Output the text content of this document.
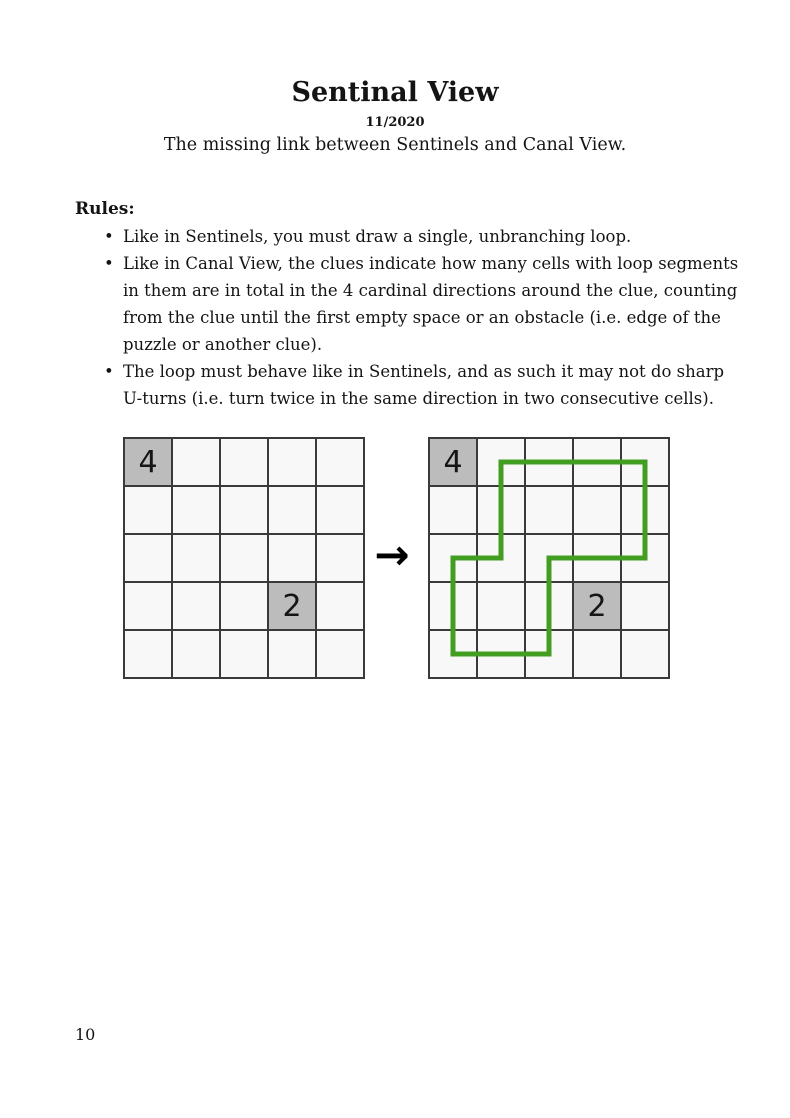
Sentinal View
11/2020
The missing link between Sentinels and Canal View.
Rules:
• Like in Sentinels, you must draw a single, unbranching loop.
• Like in Canal View, the clues indicate how many cells with loop segments in them are in total in the 4 cardinal directions around the clue, counting from the clue until the first empty space or an obstacle (i.e. edge of the puzzle or another clue).
• The loop must behave like in Sentinels, and as such it may not do sharp U-turns (i.e. turn twice in the same direction in two consecutive cells).
4
2
→
4
2
10
